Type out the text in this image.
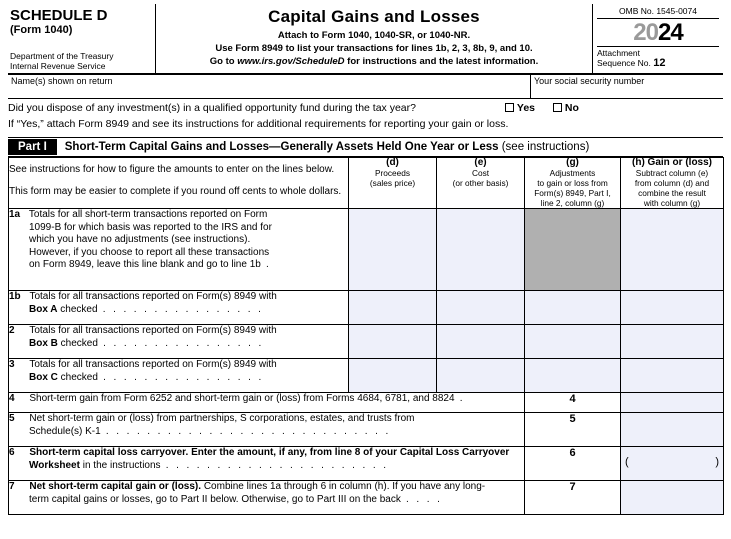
SCHEDULE D
(Form 1040)
Department of the Treasury
Internal Revenue Service
Capital Gains and Losses
Attach to Form 1040, 1040-SR, or 1040-NR.
Use Form 8949 to list your transactions for lines 1b, 2, 3, 8b, 9, and 10.
Go to www.irs.gov/ScheduleD for instructions and the latest information.
OMB No. 1545-0074
2024
Attachment
Sequence No. 12
Name(s) shown on return	Your social security number
Did you dispose of any investment(s) in a qualified opportunity fund during the tax year?	Yes	No
If “Yes,” attach Form 8949 and see its instructions for additional requirements for reporting your gain or loss.
Part I	Short-Term Capital Gains and Losses—Generally Assets Held One Year or Less (see instructions)
See instructions for how to figure the amounts to enter on the lines below.
This form may be easier to complete if you round off cents to whole dollars.

(d)
Proceeds
(sales price)

(e)
Cost
(or other basis)

(g)
Adjustments
to gain or loss from
Form(s) 8949, Part I,
line 2, column (g)

(h) Gain or (loss)
Subtract column (e)
from column (d) and
combine the result
with column (g)

1a Totals for all short-term transactions reported on Form
1099-B for which basis was reported to the IRS and for
which you have no adjustments (see instructions).
However, if you choose to report all these transactions
on Form 8949, leave this line blank and go to line 1b .				
1b Totals for all transactions reported on Form(s) 8949 with
Box A checked . . . . . . . . . . . . . . . .				
2 Totals for all transactions reported on Form(s) 8949 with
Box B checked . . . . . . . . . . . . . . . .				
3 Totals for all transactions reported on Form(s) 8949 with
Box C checked . . . . . . . . . . . . . . . .				
4 Short-term gain from Form 6252 and short-term gain or (loss) from Forms 4684, 6781, and 8824 .			4	
5 Net short-term gain or (loss) from partnerships, S corporations, estates, and trusts from
Schedule(s) K-1 . . . . . . . . . . . . . . . . . . . . . . . . . . . .			5	
6 Short-term capital loss carryover. Enter the amount, if any, from line 8 of your Capital Loss Carryover
Worksheet in the instructions . . . . . . . . . . . . . . . . . . . . . .			6	( )

7 Net short-term capital gain or (loss). Combine lines 1a through 6 in column (h). If you have any long-
term capital gains or losses, go to Part II below. Otherwise, go to Part III on the back . . . .			7	
